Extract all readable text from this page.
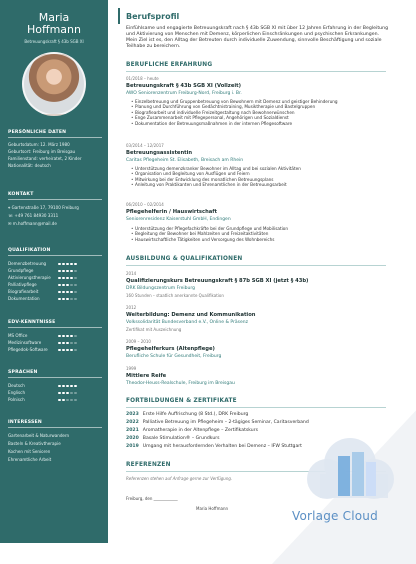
Maria
Hoffmann
Betreuungskraft § 43b SGB XI
PERSÖNLICHE DATEN
Geburtsdatum: 12. März 1980
Geburtsort: Freiburg im Breisgau
Familienstand: verheiratet, 2 Kinder
Nationalität: deutsch
KONTAKT
⌖ Gartenstraße 17, 79100 Freiburg
☏ +49 761 84930 3311
✉ m.hoffmann@mail.de
QUALIFIKATION
Demenzbetreuung
Grundpflege
Aktivierungstherapie
Palliativpflege
Biografiearbeit
Dokumentation
EDV-KENNTNISSE
MS Office
Medizinsoftware
Pflegedok-Software
SPRACHEN
Deutsch
Englisch
Polnisch
INTERESSEN
Gartenarbeit & Naturwandern
Basteln & Kreativtherapie
Kochen mit Senioren
Ehrenamtliche Arbeit
Berufsprofil
Einfühlsame und engagierte Betreuungskraft nach § 43b SGB XI mit über 12 Jahren Erfahrung in der Begleitung und Aktivierung von Menschen mit Demenz, körperlichen Einschränkungen und psychischen Erkrankungen. Mein Ziel ist es, den Alltag der Betreuten durch individuelle Zuwendung, sinnvolle Beschäftigung und soziale Teilhabe zu bereichern.
BERUFLICHE ERFAHRUNG
01/2018 – heute
Betreuungskraft § 43b SGB XI (Vollzeit)
AWO Seniorenzentrum Freiburg-Nord, Freiburg i. Br.
• Einzelbetreuung und Gruppenbetreuung von Bewohnern mit Demenz und geistiger Behinderung
• Planung und Durchführung von Gedächtnistraining, Musiktherapie und Bastelgruppen
• Biografiearbeit und individuelle Freizeitgestaltung nach Bewohnerwünschen
• Enge Zusammenarbeit mit Pflegepersonal, Angehörigen und Sozialdienst
• Dokumentation der Betreuungsmaßnahmen in der internen Pflegesoftware
03/2014 – 12/2017
Betreuungsassistentin
Caritas Pflegeheim St. Elisabeth, Breisach am Rhein
• Unterstützung demenzkranker Bewohner im Alltag und bei sozialen Aktivitäten
• Organisation und Begleitung von Ausflügen und Feiern
• Mitwirkung bei der Entwicklung des monatlichen Betreuungsplans
• Anleitung von Praktikanten und Ehrenamtlichen in der Betreuungsarbeit
06/2010 – 02/2014
Pflegehelferin / Hauswirtschaft
Seniorenresidenz Kaiserstuhl GmbH, Endingen
• Unterstützung der Pflegefachkräfte bei der Grundpflege und Mobilisation
• Begleitung der Bewohner bei Mahlzeiten und Freizeitaktivitäten
• Hauswirtschaftliche Tätigkeiten und Versorgung des Wohnbereichs
AUSBILDUNG & QUALIFIKATIONEN
2014
Qualifizierungskurs Betreuungskraft § 87b SGB XI (jetzt § 43b)
DRK Bildungszentrum Freiburg
160 Stunden – staatlich anerkannte Qualifikation
2012
Weiterbildung: Demenz und Kommunikation
Volkssolidarität Bundesverband e.V., Online & Präsenz
Zertifikat mit Auszeichnung
2009 – 2010
Pflegehelferkurs (Altenpflege)
Berufliche Schule für Gesundheit, Freiburg
1999
Mittlere Reife
Theodor-Heuss-Realschule, Freiburg im Breisgau
FORTBILDUNGEN & ZERTIFIKATE
2023 Erste Hilfe Auffrischung (8 Std.), DRK Freiburg
2022 Palliative Betreuung im Pflegeheim – 2-tägiges Seminar, Caritasverband
2021 Aromatherapie in der Altenpflege – Zertifikatskurs
2020 Basale Stimulation® – Grundkurs
2019 Umgang mit herausfordernden Verhalten bei Demenz – IFW Stuttgart
REFERENZEN
Referenzen stehen auf Anfrage gerne zur Verfügung.
Freiburg, den ____________
Maria Hoffmann
Vorlage Cloud
